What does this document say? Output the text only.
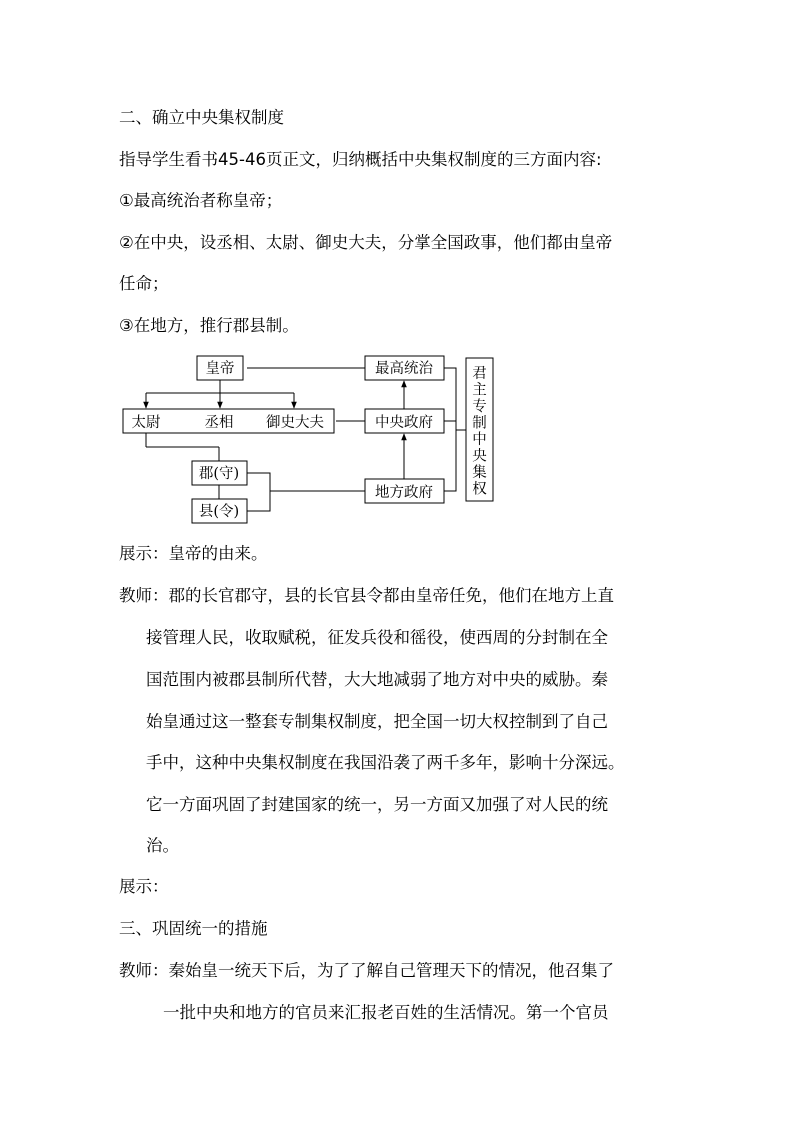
二、确立中央集权制度
指导学生看书45-46页正文，归纳概括中央集权制度的三方面内容:
①最高统治者称皇帝；
②在中央，设丞相、太尉、御史大夫，分掌全国政事，他们都由皇帝
任命；
③在地方，推行郡县制。
皇帝
太尉	丞相 御史大夫
郡(守)
县(令)
最高统治
中央政府
地方政府
君
主
专
制
中
央
集
权
展示：皇帝的由来。
教师：郡的长官郡守，县的长官县令都由皇帝任免，他们在地方上直
接管理人民，收取赋税，征发兵役和徭役，使西周的分封制在全
国范围内被郡县制所代替，大大地减弱了地方对中央的威胁。秦
始皇通过这一整套专制集权制度，把全国一切大权控制到了自己
手中，这种中央集权制度在我国沿袭了两千多年，影响十分深远。
它一方面巩固了封建国家的统一，另一方面又加强了对人民的统
治。
展示：
三、巩固统一的措施
教师：秦始皇一统天下后，为了了解自己管理天下的情况，他召集了
一批中央和地方的官员来汇报老百姓的生活情况。第一个官员
